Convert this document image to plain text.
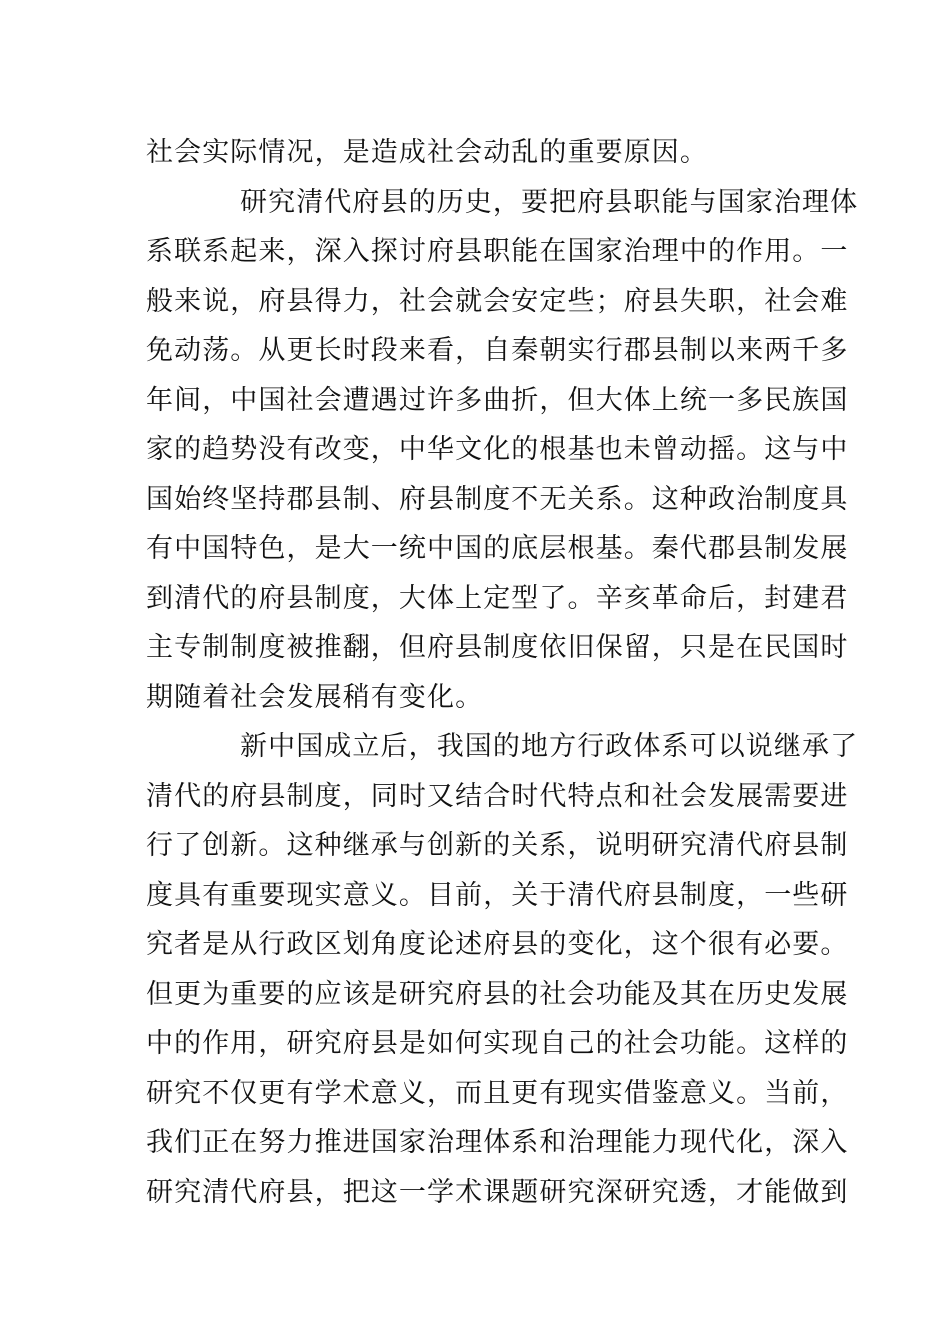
社会实际情况，是造成社会动乱的重要原因。
研究清代府县的历史，要把府县职能与国家治理体
系联系起来，深入探讨府县职能在国家治理中的作用。一
般来说，府县得力，社会就会安定些；府县失职，社会难
免动荡。从更长时段来看，自秦朝实行郡县制以来两千多
年间，中国社会遭遇过许多曲折，但大体上统一多民族国
家的趋势没有改变，中华文化的根基也未曾动摇。这与中
国始终坚持郡县制、府县制度不无关系。这种政治制度具
有中国特色，是大一统中国的底层根基。秦代郡县制发展
到清代的府县制度，大体上定型了。辛亥革命后，封建君
主专制制度被推翻，但府县制度依旧保留，只是在民国时
期随着社会发展稍有变化。
新中国成立后，我国的地方行政体系可以说继承了
清代的府县制度，同时又结合时代特点和社会发展需要进
行了创新。这种继承与创新的关系，说明研究清代府县制
度具有重要现实意义。目前，关于清代府县制度，一些研
究者是从行政区划角度论述府县的变化，这个很有必要。
但更为重要的应该是研究府县的社会功能及其在历史发展
中的作用，研究府县是如何实现自己的社会功能。这样的
研究不仅更有学术意义，而且更有现实借鉴意义。当前，
我们正在努力推进国家治理体系和治理能力现代化，深入
研究清代府县，把这一学术课题研究深研究透，才能做到
